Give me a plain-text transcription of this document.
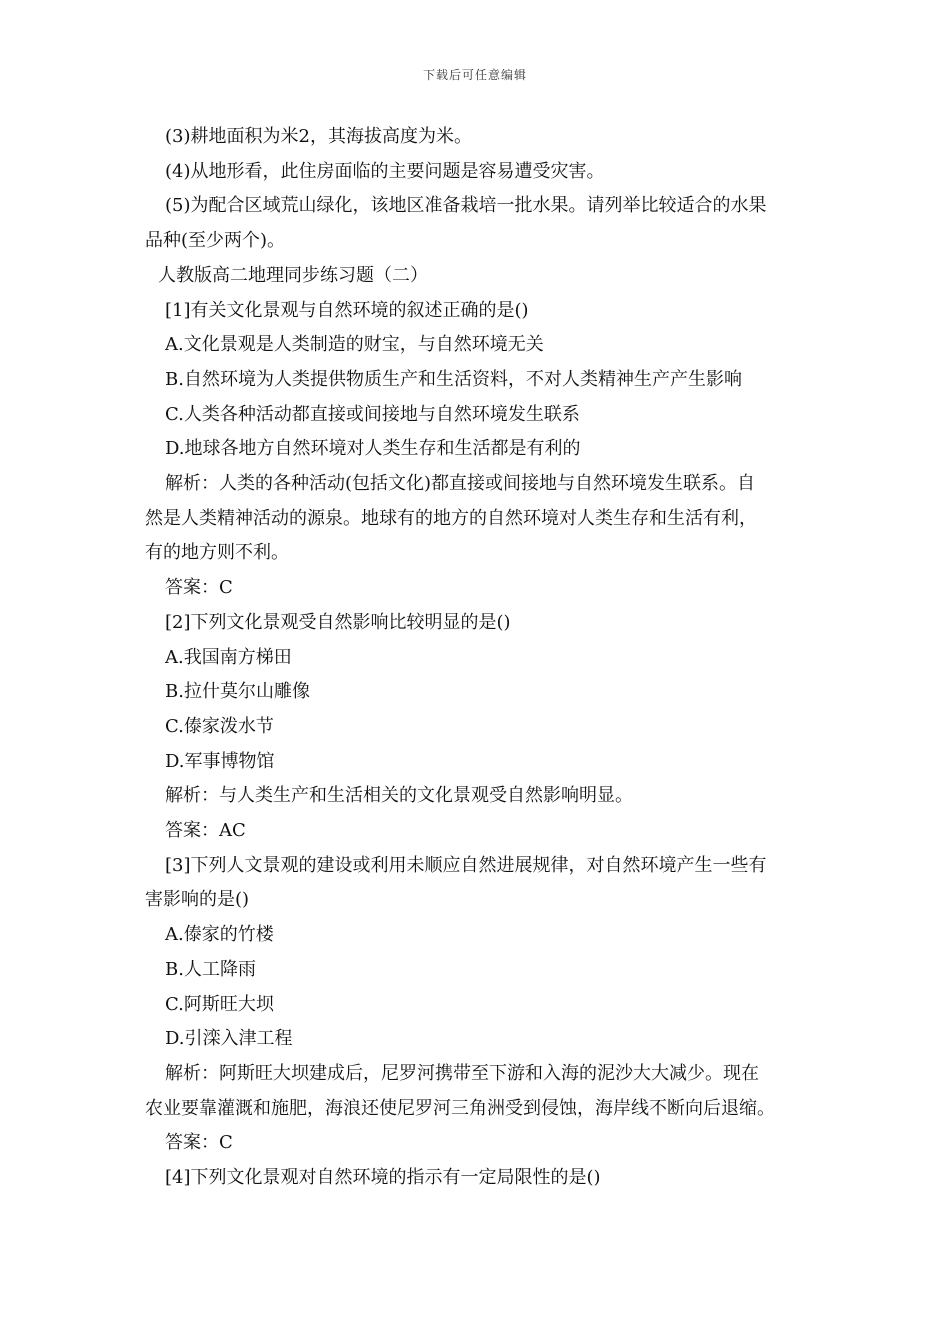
下载后可任意编辑

(3)耕地面积为米2，其海拔高度为米。

(4)从地形看，此住房面临的主要问题是容易遭受灾害。

(5)为配合区域荒山绿化，该地区准备栽培一批水果。请列举比较适合的水果

品种(至少两个)。

人教版高二地理同步练习题（二）

[1]有关文化景观与自然环境的叙述正确的是()

A.文化景观是人类制造的财宝，与自然环境无关

B.自然环境为人类提供物质生产和生活资料，不对人类精神生产产生影响

C.人类各种活动都直接或间接地与自然环境发生联系

D.地球各地方自然环境对人类生存和生活都是有利的

解析：人类的各种活动(包括文化)都直接或间接地与自然环境发生联系。自

然是人类精神活动的源泉。地球有的地方的自然环境对人类生存和生活有利，

有的地方则不利。

答案：C

[2]下列文化景观受自然影响比较明显的是()

A.我国南方梯田

B.拉什莫尔山雕像

C.傣家泼水节

D.军事博物馆

解析：与人类生产和生活相关的文化景观受自然影响明显。

答案：AC

[3]下列人文景观的建设或利用未顺应自然进展规律，对自然环境产生一些有

害影响的是()

A.傣家的竹楼

B.人工降雨

C.阿斯旺大坝

D.引滦入津工程

解析：阿斯旺大坝建成后，尼罗河携带至下游和入海的泥沙大大减少。现在

农业要靠灌溉和施肥，海浪还使尼罗河三角洲受到侵蚀，海岸线不断向后退缩。

答案：C

[4]下列文化景观对自然环境的指示有一定局限性的是()
